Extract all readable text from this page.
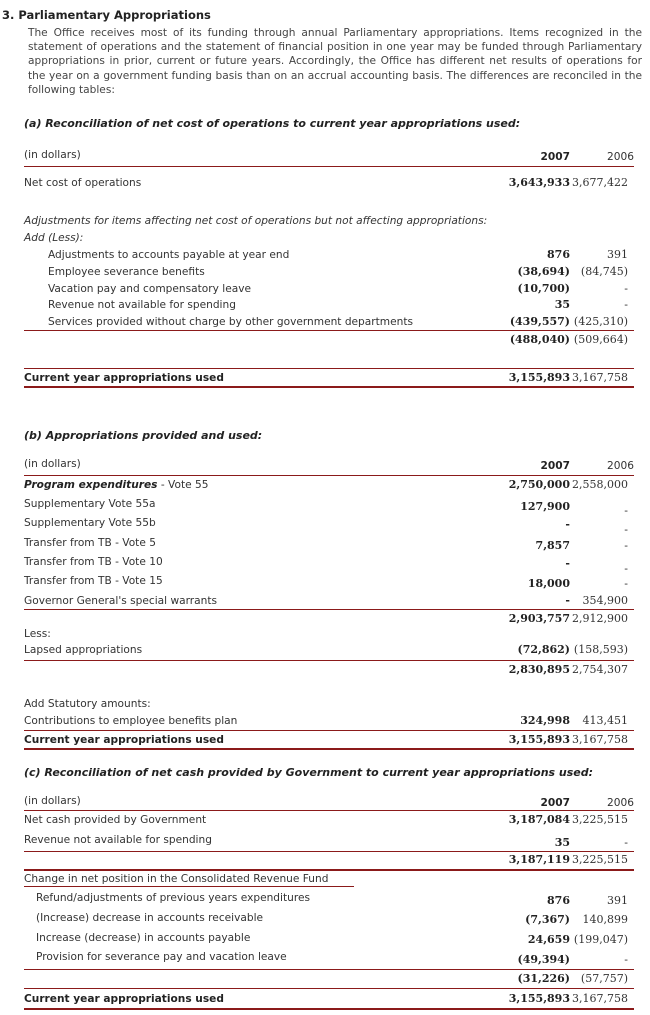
3. Parliamentary Appropriations
The Office receives most of its funding through annual Parliamentary appropriations. Items recognized in the statement of operations and the statement of financial position in one year may be funded through Parliamentary appropriations in prior, current or future years. Accordingly, the Office has different net results of operations for the year on a government funding basis than on an accrual accounting basis. The differences are reconciled in the following tables:
(a) Reconciliation of net cost of operations to current year appropriations used:
(in dollars)	2007	2006
Net cost of operations	3,643,933 3,677,422
Adjustments for items affecting net cost of operations but not affecting appropriations:
Add (Less):
Adjustments to accounts payable at year end	876	391
Employee severance benefits	(38,694) (84,745)
Vacation pay and compensatory leave	(10,700)	-
Revenue not available for spending	35	-
Services provided without charge by other government departments	(439,557) (425,310)
(488,040) (509,664)
Current year appropriations used	3,155,893 3,167,758
(b) Appropriations provided and used:
(in dollars)	2007	2006
Program expenditures - Vote 55	2,750,000 2,558,000
Supplementary Vote 55a	127,900	-
Supplementary Vote 55b	-	-
Transfer from TB - Vote 5	7,857	-
Transfer from TB - Vote 10	-	-
Transfer from TB - Vote 15	18,000	-
Governor General's special warrants	-	354,900
2,903,757 2,912,900
Less:
Lapsed appropriations	(72,862) (158,593)
2,830,895 2,754,307
Add Statutory amounts:
Contributions to employee benefits plan	324,998	413,451
Current year appropriations used	3,155,893 3,167,758
(c) Reconciliation of net cash provided by Government to current year appropriations used:
(in dollars)	2007	2006
Net cash provided by Government	3,187,084 3,225,515
Revenue not available for spending	35	-
3,187,119 3,225,515
Change in net position in the Consolidated Revenue Fund
Refund/adjustments of previous years expenditures	876	391
(Increase) decrease in accounts receivable	(7,367)	140,899
Increase (decrease) in accounts payable	24,659 (199,047)
Provision for severance pay and vacation leave	(49,394)	-
(31,226) (57,757)
Current year appropriations used	3,155,893 3,167,758
